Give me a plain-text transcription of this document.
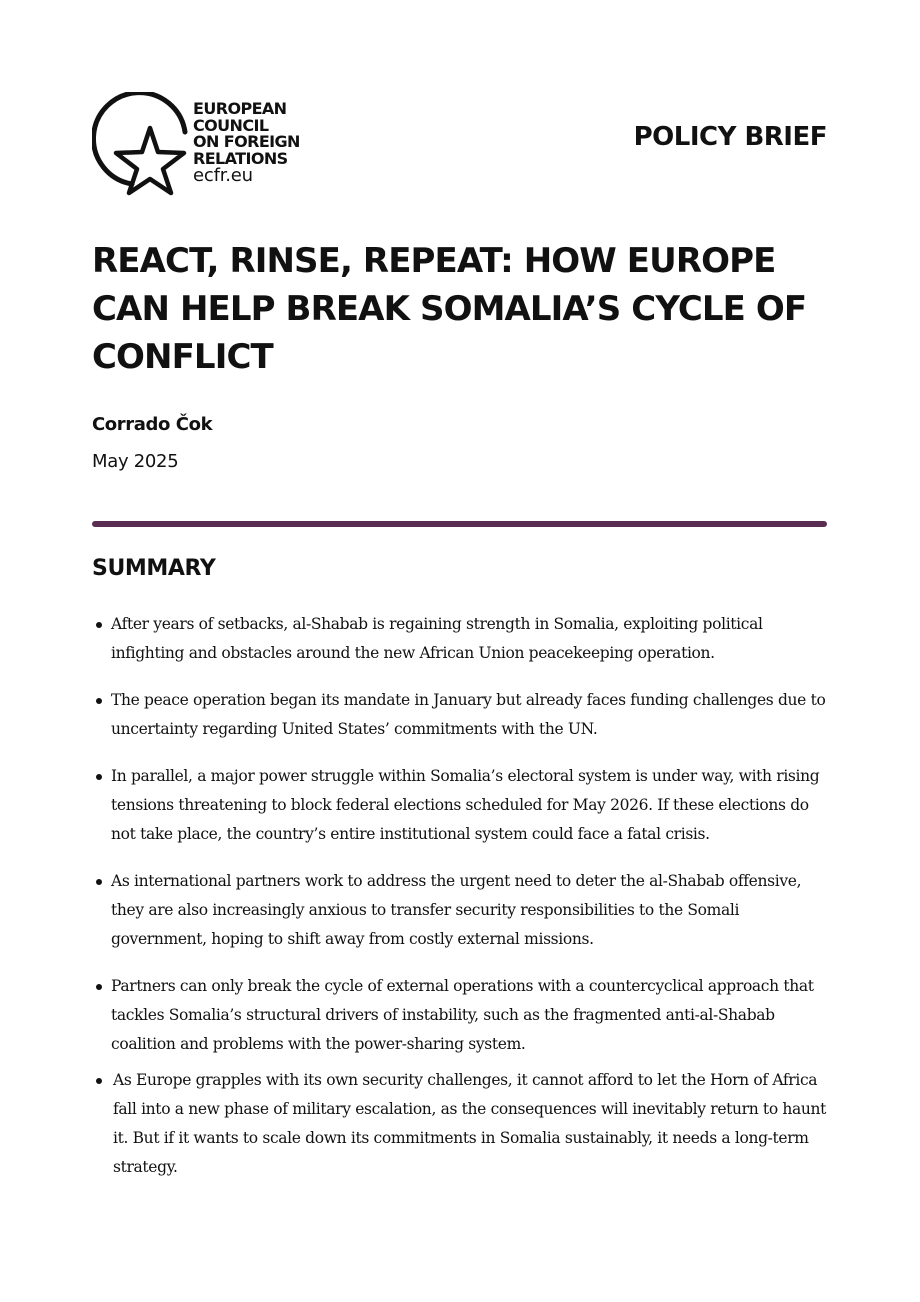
EUROPEAN
COUNCIL
ON FOREIGN
RELATIONS
ecfr.eu
POLICY BRIEF
REACT, RINSE, REPEAT: HOW EUROPE CAN HELP BREAK SOMALIA’S CYCLE OF CONFLICT
Corrado Čok
May 2025
SUMMARY
After years of setbacks, al-Shabab is regaining strength in Somalia, exploiting political infighting and obstacles around the new African Union peacekeeping operation.
The peace operation began its mandate in January but already faces funding challenges due to uncertainty regarding United States’ commitments with the UN.
In parallel, a major power struggle within Somalia’s electoral system is under way, with rising tensions threatening to block federal elections scheduled for May 2026. If these elections do not take place, the country’s entire institutional system could face a fatal crisis.
As international partners work to address the urgent need to deter the al-Shabab offensive, they are also increasingly anxious to transfer security responsibilities to the Somali government, hoping to shift away from costly external missions.
Partners can only break the cycle of external operations with a countercyclical approach that tackles Somalia’s structural drivers of instability, such as the fragmented anti-al-Shabab coalition and problems with the power-sharing system.
As Europe grapples with its own security challenges, it cannot afford to let the Horn of Africa fall into a new phase of military escalation, as the consequences will inevitably return to haunt it. But if it wants to scale down its commitments in Somalia sustainably, it needs a long-term strategy.
